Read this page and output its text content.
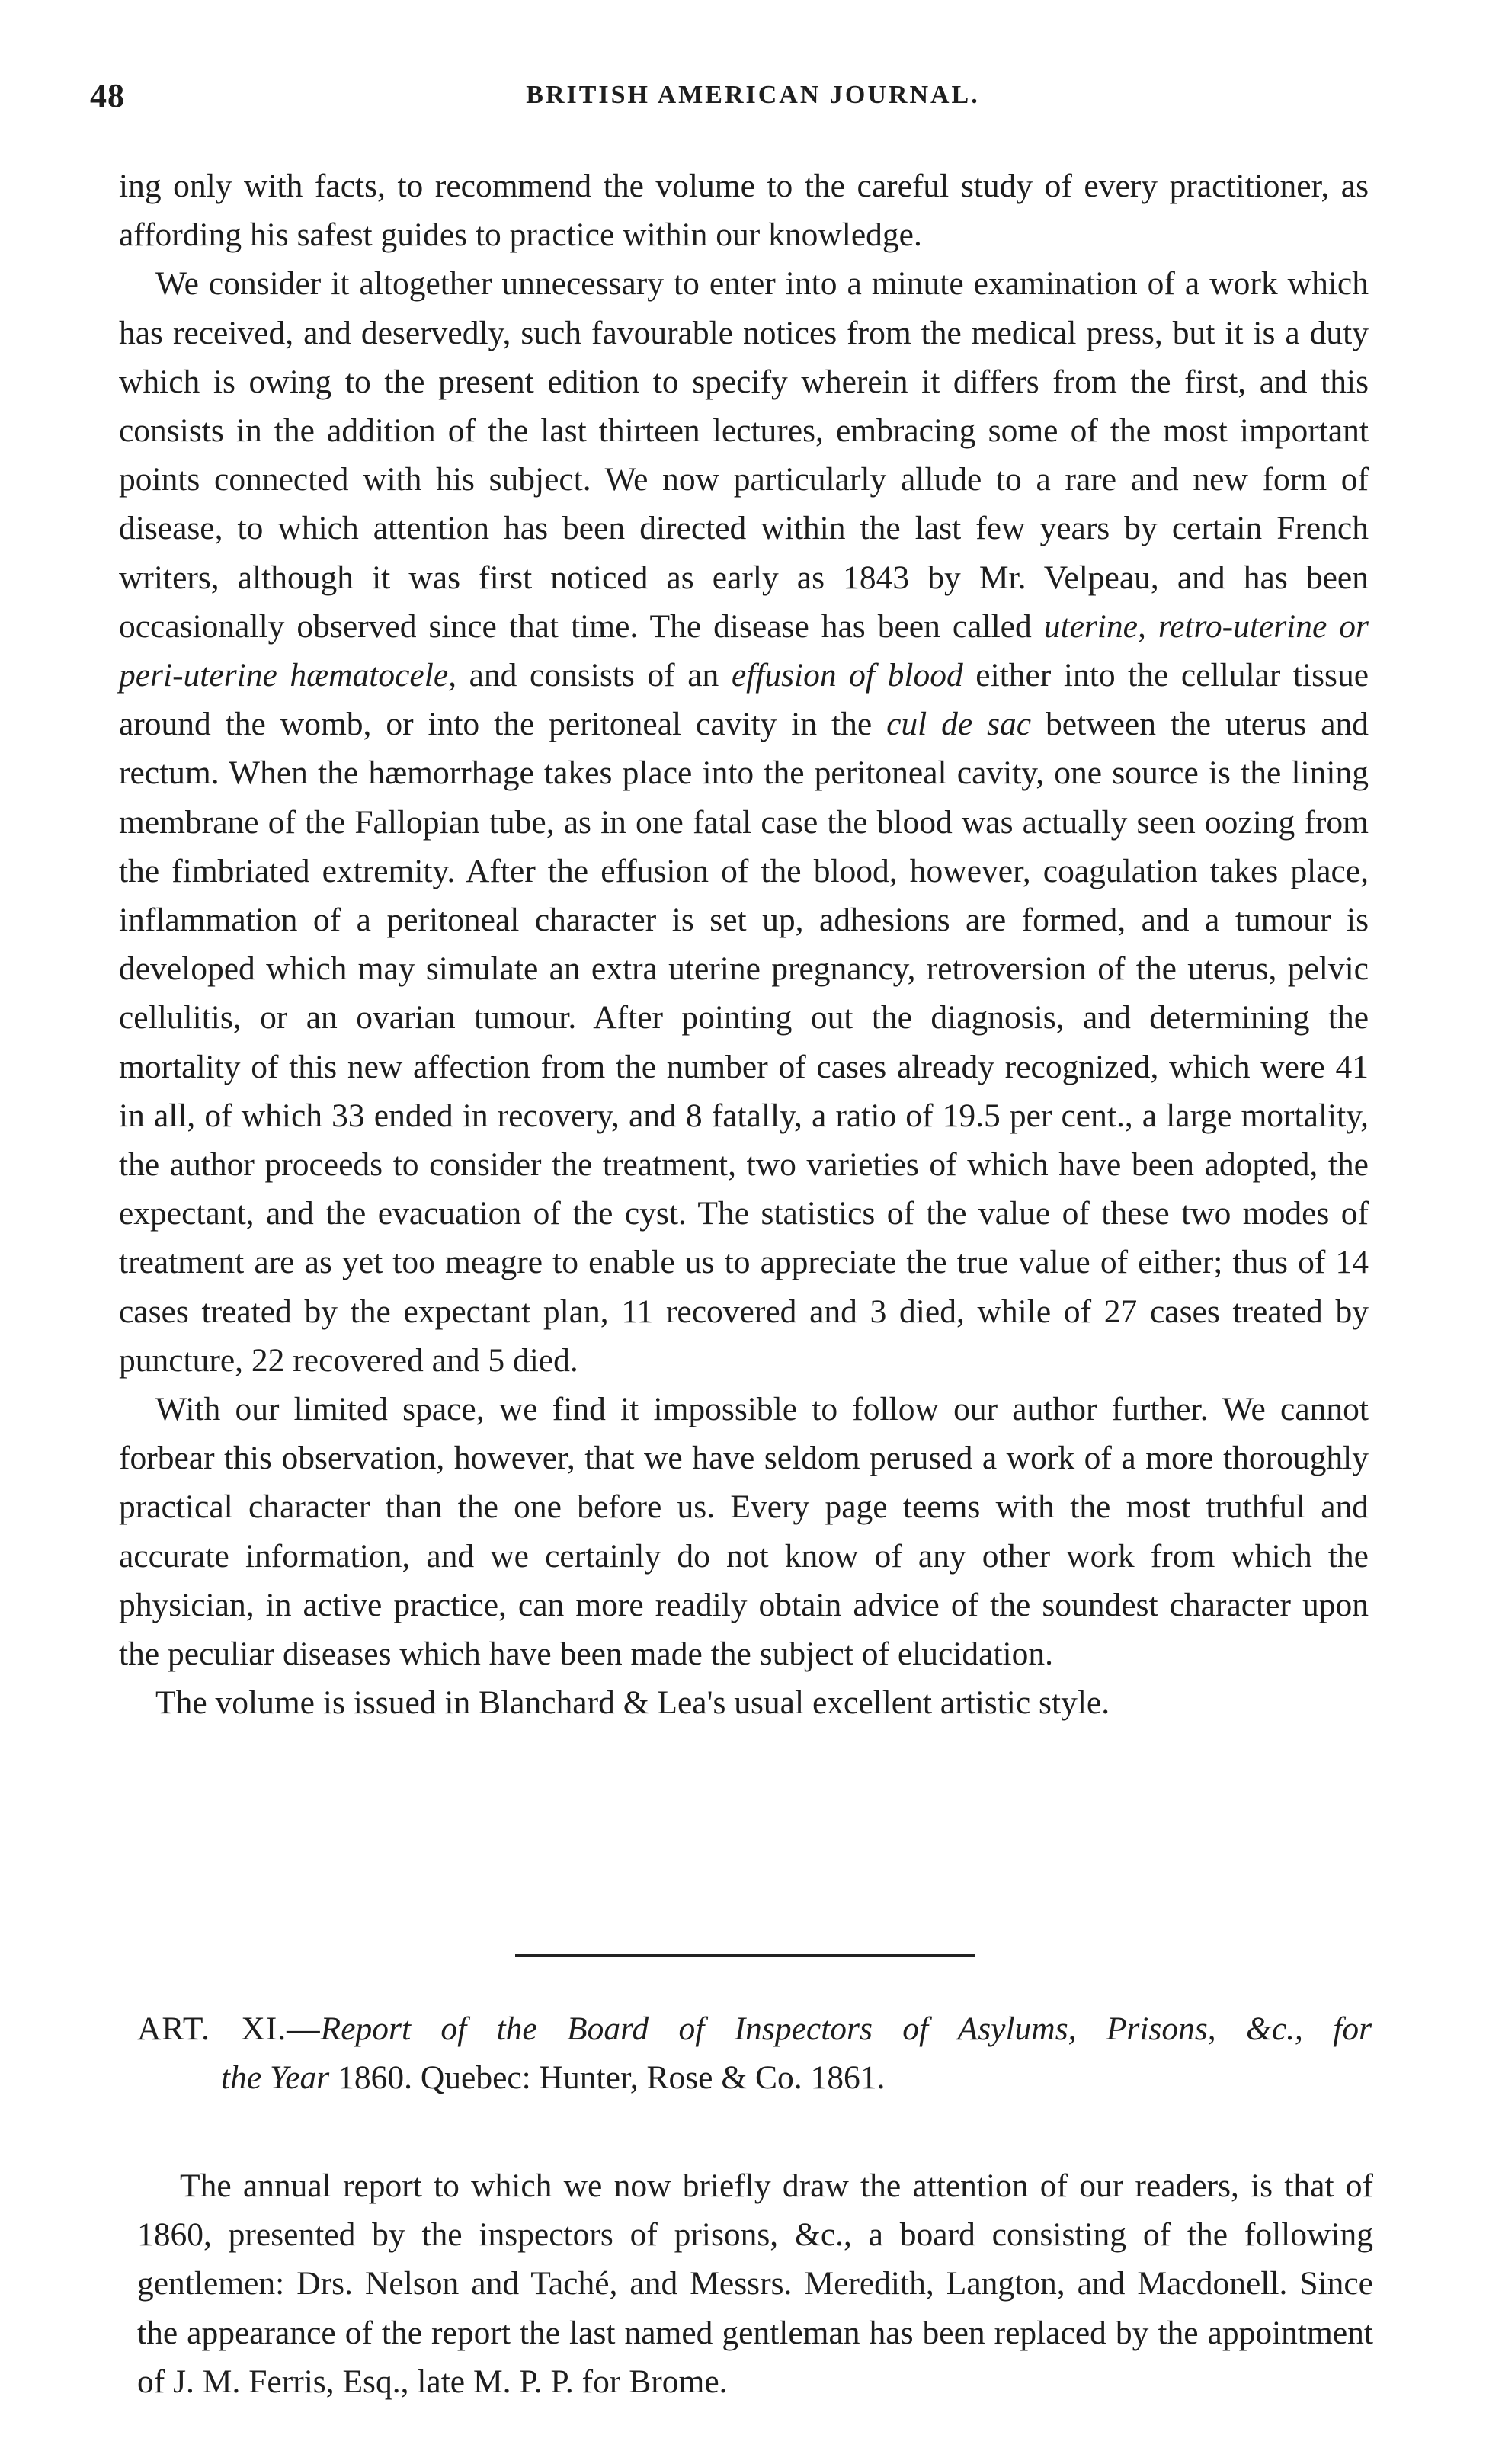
48	BRITISH AMERICAN JOURNAL.

ing only with facts, to recommend the volume to the careful study of every practitioner, as affording his safest guides to practice within our knowledge.

We consider it altogether unnecessary to enter into a minute examination of a work which has received, and deservedly, such favourable notices from the medical press, but it is a duty which is owing to the present edition to specify wherein it differs from the first, and this consists in the addition of the last thirteen lectures, embracing some of the most important points connected with his subject. We now particularly allude to a rare and new form of disease, to which attention has been directed within the last few years by certain French writers, although it was first noticed as early as 1843 by Mr. Velpeau, and has been occasionally observed since that time. The disease has been called uterine, retro-uterine or peri-uterine hæmatocele, and consists of an effusion of blood either into the cellular tissue around the womb, or into the peritoneal cavity in the cul de sac between the uterus and rectum. When the hæmorrhage takes place into the peritoneal cavity, one source is the lining membrane of the Fallopian tube, as in one fatal case the blood was actually seen oozing from the fimbriated extremity. After the effusion of the blood, however, coagulation takes place, inflammation of a peritoneal character is set up, adhesions are formed, and a tumour is developed which may simulate an extra uterine pregnancy, retroversion of the uterus, pelvic cellulitis, or an ovarian tumour. After pointing out the diagnosis, and determining the mortality of this new affection from the number of cases already recognized, which were 41 in all, of which 33 ended in recovery, and 8 fatally, a ratio of 19.5 per cent., a large mortality, the author proceeds to consider the treatment, two varieties of which have been adopted, the expectant, and the evacuation of the cyst. The statistics of the value of these two modes of treatment are as yet too meagre to enable us to appreciate the true value of either; thus of 14 cases treated by the expectant plan, 11 recovered and 3 died, while of 27 cases treated by puncture, 22 recovered and 5 died.

With our limited space, we find it impossible to follow our author further. We cannot forbear this observation, however, that we have seldom perused a work of a more thoroughly practical character than the one before us. Every page teems with the most truthful and accurate information, and we certainly do not know of any other work from which the physician, in active practice, can more readily obtain advice of the soundest character upon the peculiar diseases which have been made the subject of elucidation.

The volume is issued in Blanchard & Lea's usual excellent artistic style.

ART. XI.—Report of the Board of Inspectors of Asylums, Prisons, &c., for
the Year 1860. Quebec: Hunter, Rose & Co. 1861.

The annual report to which we now briefly draw the attention of our readers, is that of 1860, presented by the inspectors of prisons, &c., a board consisting of the following gentlemen: Drs. Nelson and Taché, and Messrs. Meredith, Langton, and Macdonell. Since the appearance of the report the last named gentleman has been replaced by the appointment of J. M. Ferris, Esq., late M. P. P. for Brome.
